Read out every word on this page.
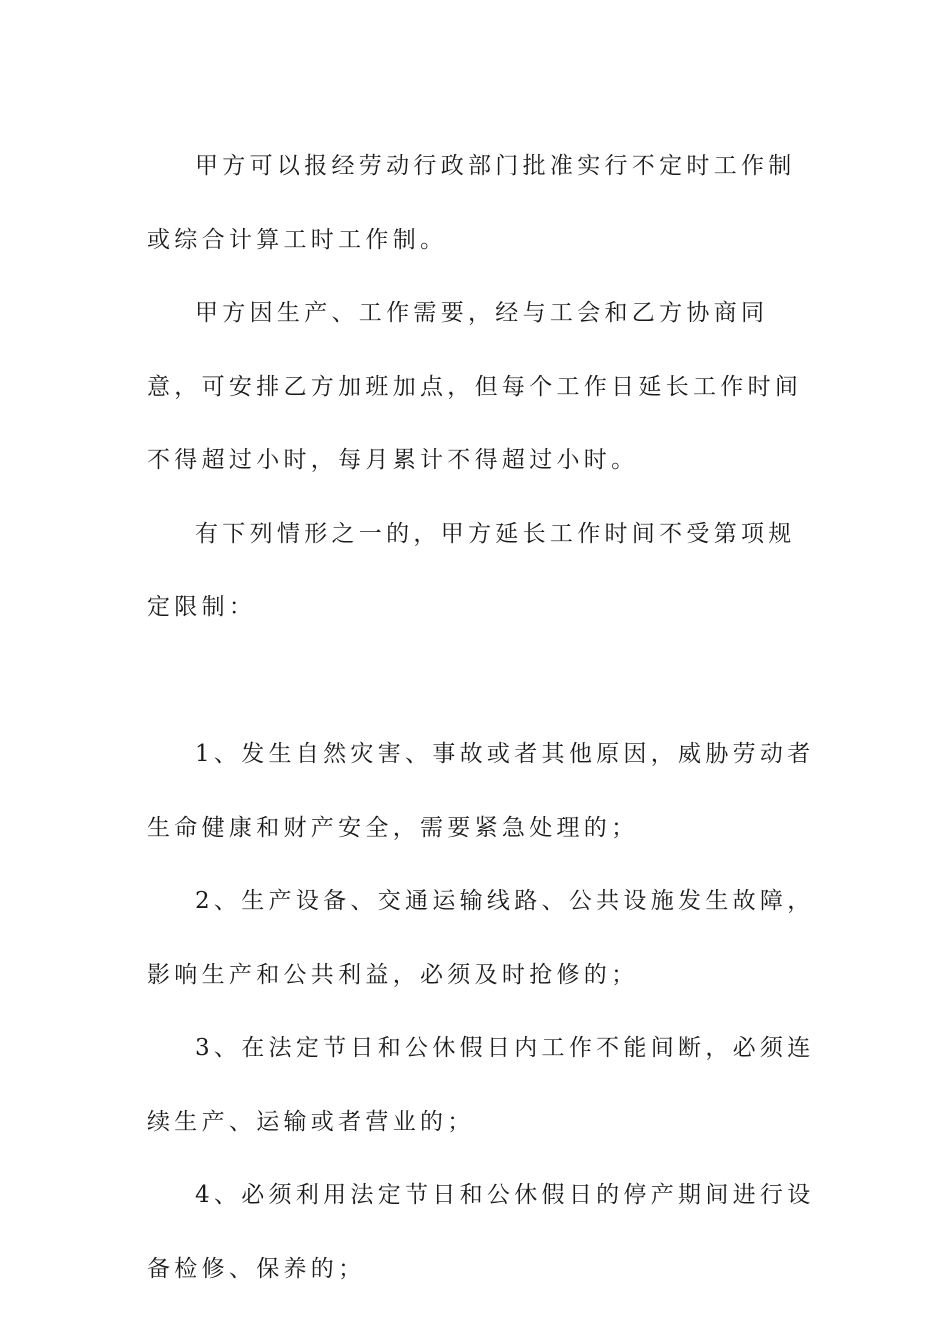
甲方可以报经劳动行政部门批准实行不定时工作制或综合计算工时工作制。

甲方因生产、工作需要，经与工会和乙方协商同意，可安排乙方加班加点，但每个工作日延长工作时间不得超过小时，每月累计不得超过小时。

有下列情形之一的，甲方延长工作时间不受第项规定限制：

1、发生自然灾害、事故或者其他原因，威胁劳动者生命健康和财产安全，需要紧急处理的；

2、生产设备、交通运输线路、公共设施发生故障，影响生产和公共利益，必须及时抢修的；

3、在法定节日和公休假日内工作不能间断，必须连续生产、运输或者营业的；

4、必须利用法定节日和公休假日的停产期间进行设备检修、保养的；
